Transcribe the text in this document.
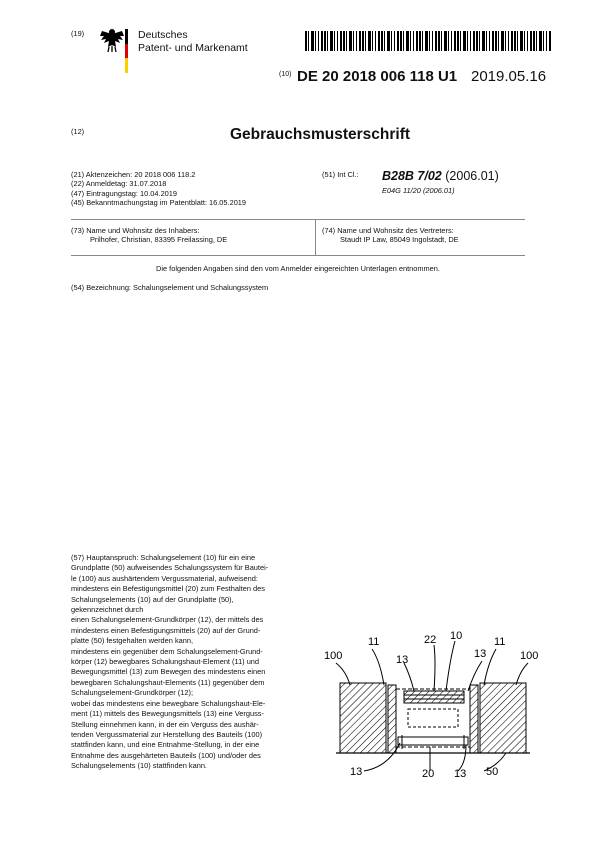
(19)	Deutsches
Patent- und Markenamt
(10) DE 20 2018 006 118 U1 2019.05.16
(12)	Gebrauchsmusterschrift
(21) Aktenzeichen: 20 2018 006 118.2
(22) Anmeldetag: 31.07.2018
(47) Eintragungstag: 10.04.2019
(45) Bekanntmachungstag im Patentblatt: 16.05.2019
(51) Int Cl.: B28B 7/02 (2006.01)
E04G 11/20 (2006.01)
(73) Name und Wohnsitz des Inhabers:
Prilhofer, Christian, 83395 Freilassing, DE
(74) Name und Wohnsitz des Vertreters:
Staudt IP Law, 85049 Ingolstadt, DE
Die folgenden Angaben sind den vom Anmelder eingereichten Unterlagen entnommen.
(54) Bezeichnung: Schalungselement und Schalungssystem

(57) Hauptanspruch: Schalungselement (10) für ein eine

Grundplatte (50) aufweisendes Schalungssystem für Bautei-

le (100) aus aushärtendem Vergussmaterial, aufweisend:

mindestens ein Befestigungsmittel (20) zum Festhalten des

Schalungselements (10) auf der Grundplatte (50),

gekennzeichnet durch

einen Schalungselement-Grundkörper (12), der mittels des

mindestens einen Befestigungsmittels (20) auf der Grund-

platte (50) festgehalten werden kann,

mindestens ein gegenüber dem Schalungselement-Grund-

körper (12) bewegbares Schalungshaut-Element (11) und

Bewegungsmittel (13) zum Bewegen des mindestens einen

bewegbaren Schalungshaut-Elements (11) gegenüber dem

Schalungselement-Grundkörper (12);

wobei das mindestens eine bewegbare Schalungshaut-Ele-

ment (11) mittels des Bewegungsmittels (13) eine Verguss-

Stellung einnehmen kann, in der ein Verguss des aushär-

tenden Vergussmaterial zur Herstellung des Bauteils (100)

stattfinden kann, und eine Entnahme-Stellung, in der eine

Entnahme des ausgehärteten Bauteils (100) und/oder des

Schalungselements (10) stattfinden kann.

100
11
13
22 10
13
11
100
13	20 13 50
